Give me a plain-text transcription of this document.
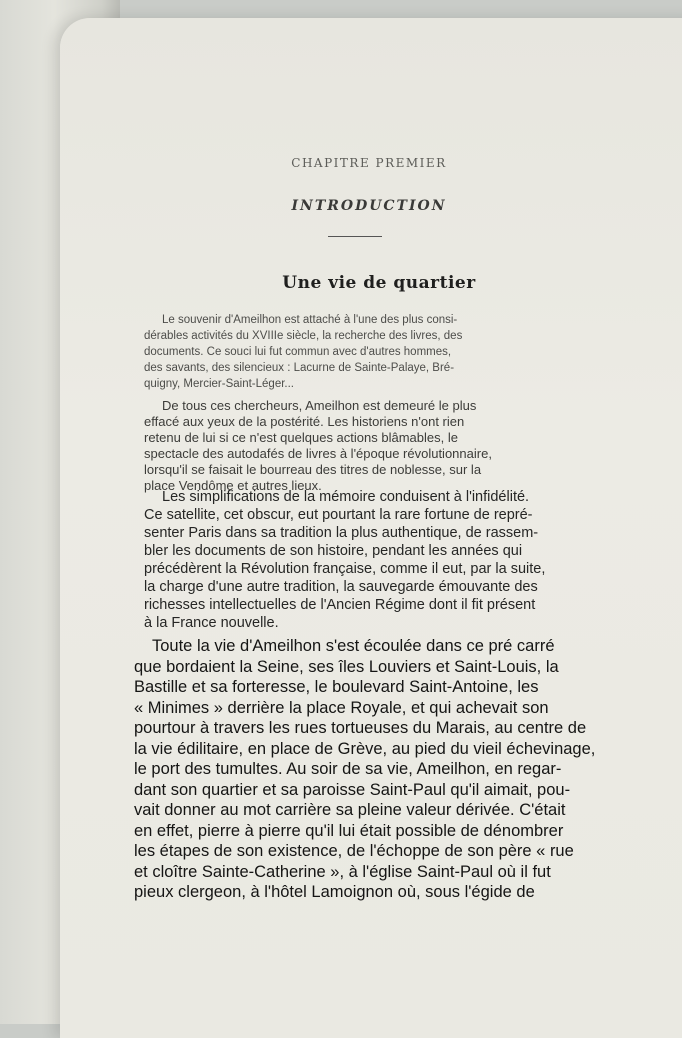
CHAPITRE PREMIER
INTRODUCTION
Une vie de quartier
Le souvenir d'Ameilhon est attaché à l'une des plus consi-
dérables activités du XVIIIe siècle, la recherche des livres, des
documents. Ce souci lui fut commun avec d'autres hommes,
des savants, des silencieux : Lacurne de Sainte-Palaye, Bré-
quigny, Mercier-Saint-Léger...
De tous ces chercheurs, Ameilhon est demeuré le plus
effacé aux yeux de la postérité. Les historiens n'ont rien
retenu de lui si ce n'est quelques actions blâmables, le
spectacle des autodafés de livres à l'époque révolutionnaire,
lorsqu'il se faisait le bourreau des titres de noblesse, sur la
place Vendôme et autres lieux.
Les simplifications de la mémoire conduisent à l'infidélité.
Ce satellite, cet obscur, eut pourtant la rare fortune de repré-
senter Paris dans sa tradition la plus authentique, de rassem-
bler les documents de son histoire, pendant les années qui
précédèrent la Révolution française, comme il eut, par la suite,
la charge d'une autre tradition, la sauvegarde émouvante des
richesses intellectuelles de l'Ancien Régime dont il fit présent
à la France nouvelle.
Toute la vie d'Ameilhon s'est écoulée dans ce pré carré
que bordaient la Seine, ses îles Louviers et Saint-Louis, la
Bastille et sa forteresse, le boulevard Saint-Antoine, les
« Minimes » derrière la place Royale, et qui achevait son
pourtour à travers les rues tortueuses du Marais, au centre de
la vie édilitaire, en place de Grève, au pied du vieil échevinage,
le port des tumultes. Au soir de sa vie, Ameilhon, en regar-
dant son quartier et sa paroisse Saint-Paul qu'il aimait, pou-
vait donner au mot carrière sa pleine valeur dérivée. C'était
en effet, pierre à pierre qu'il lui était possible de dénombrer
les étapes de son existence, de l'échoppe de son père « rue
et cloître Sainte-Catherine », à l'église Saint-Paul où il fut
pieux clergeon, à l'hôtel Lamoignon où, sous l'égide de
